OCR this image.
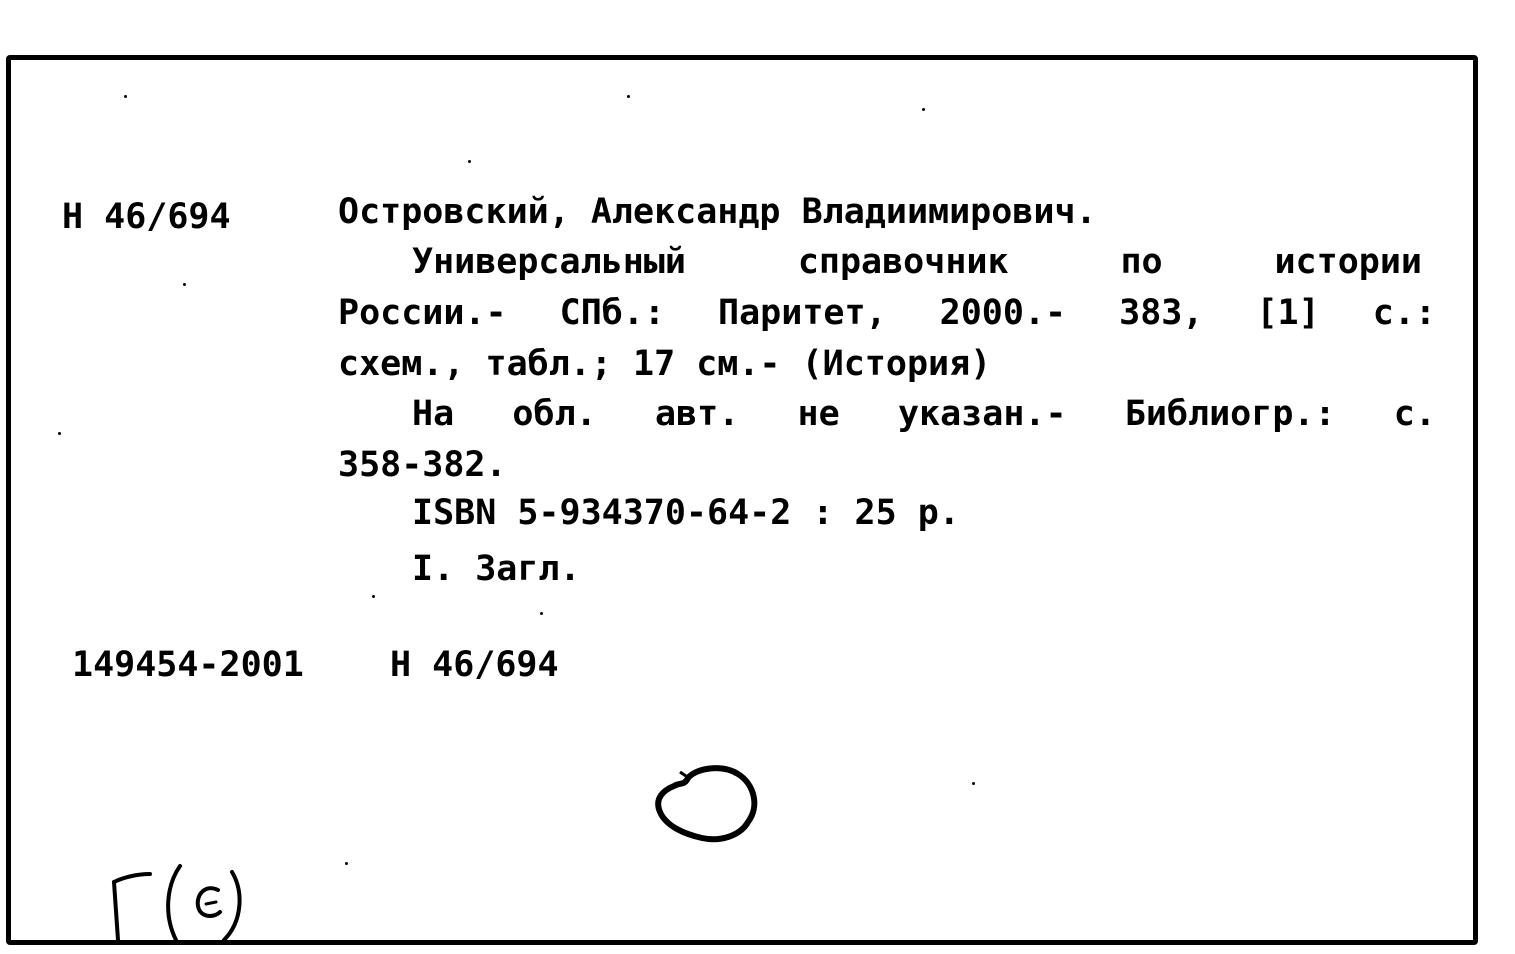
Н 46/694	Островский, Александр Владиимирович.
Универсальный	справочник	по	истории
России.- СПб.: Паритет, 2000.- 383, [1] с.:
схем., табл.; 17 см.- (История)
На обл. авт. не указан.- Библиогр.: с.
358-382.
ISBN 5-934370-64-2 : 25 р.
I. Загл.
149454-2001 Н 46/694
